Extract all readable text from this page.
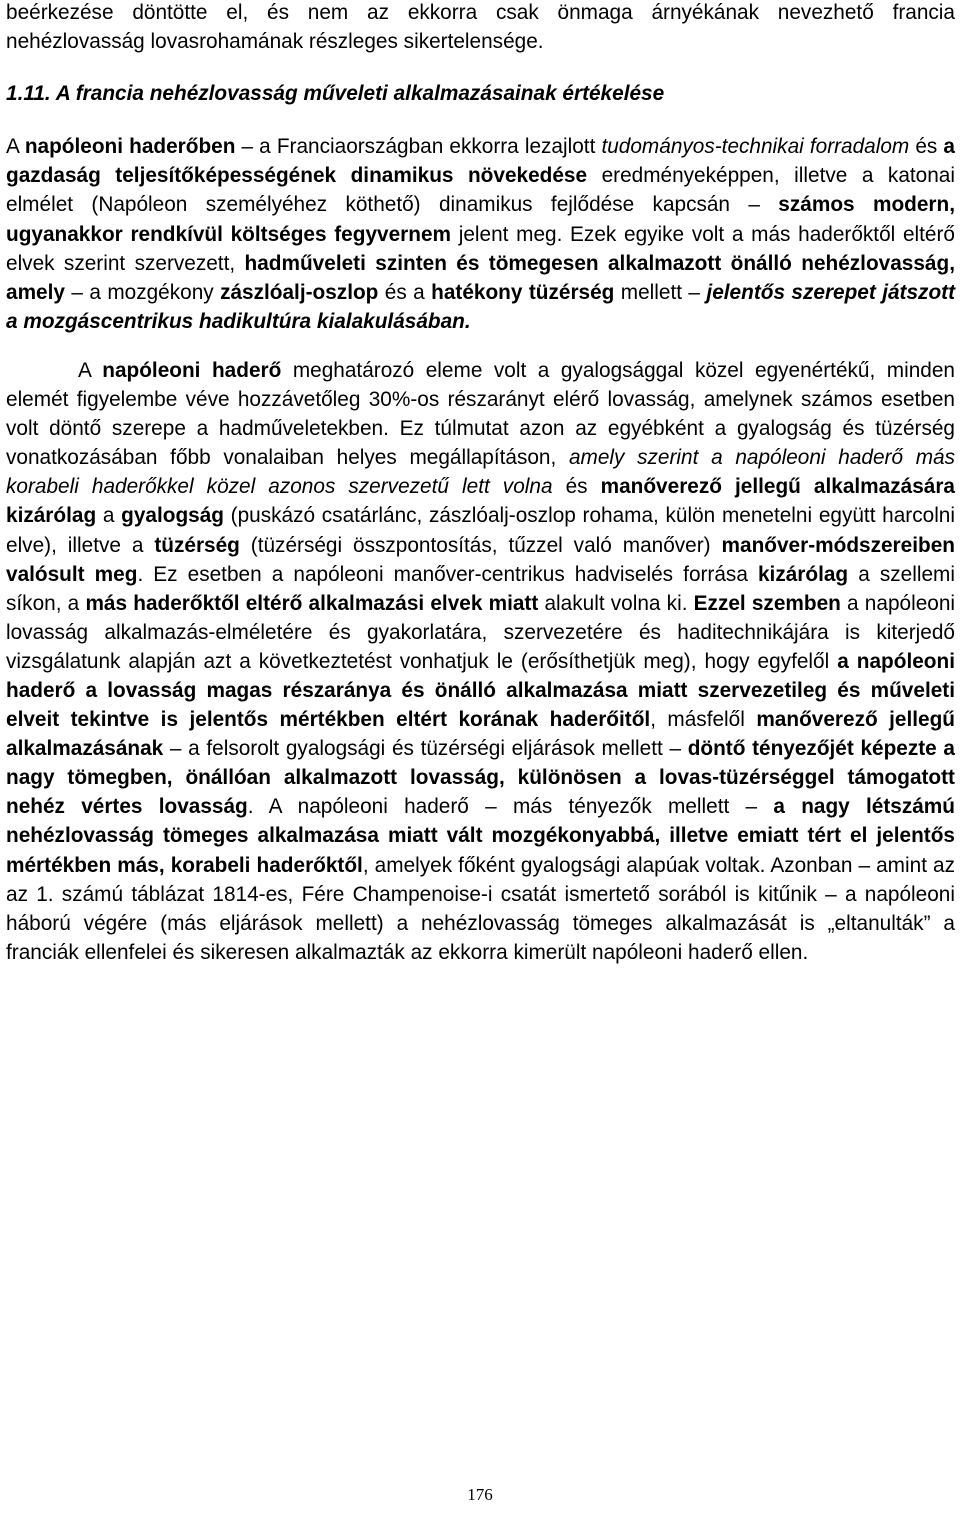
beérkezése döntötte el, és nem az ekkorra csak önmaga árnyékának nevezhető francia nehézlovasság lovasrohamának részleges sikertelensége.

1.11. A francia nehézlovasság műveleti alkalmazásainak értékelése

A napóleoni haderőben – a Franciaországban ekkorra lezajlott tudományos-technikai forradalom és a gazdaság teljesítőképességének dinamikus növekedése eredményeképpen, illetve a katonai elmélet (Napóleon személyéhez köthető) dinamikus fejlődése kapcsán – számos modern, ugyanakkor rendkívül költséges fegyvernem jelent meg. Ezek egyike volt a más haderőktől eltérő elvek szerint szervezett, hadműveleti szinten és tömegesen alkalmazott önálló nehézlovasság, amely – a mozgékony zászlóalj-oszlop és a hatékony tüzérség mellett – jelentős szerepet játszott a mozgáscentrikus hadikultúra kialakulásában.

A napóleoni haderő meghatározó eleme volt a gyalogsággal közel egyenértékű, minden elemét figyelembe véve hozzávetőleg 30%-os részarányt elérő lovasság, amelynek számos esetben volt döntő szerepe a hadműveletekben. Ez túlmutat azon az egyébként a gyalogság és tüzérség vonatkozásában főbb vonalaiban helyes megállapításon, amely szerint a napóleoni haderő más korabeli haderőkkel közel azonos szervezetű lett volna és manőverező jellegű alkalmazására kizárólag a gyalogság (puskázó csatárlánc, zászlóalj-oszlop rohama, külön menetelni együtt harcolni elve), illetve a tüzérség (tüzérségi összpontosítás, tűzzel való manőver) manőver-módszereiben valósult meg. Ez esetben a napóleoni manőver-centrikus hadviselés forrása kizárólag a szellemi síkon, a más haderőktől eltérő alkalmazási elvek miatt alakult volna ki. Ezzel szemben a napóleoni lovasság alkalmazás-elméletére és gyakorlatára, szervezetére és haditechnikájára is kiterjedő vizsgálatunk alapján azt a következtetést vonhatjuk le (erősíthetjük meg), hogy egyfelől a napóleoni haderő a lovasság magas részaránya és önálló alkalmazása miatt szervezetileg és műveleti elveit tekintve is jelentős mértékben eltért korának haderőitől, másfelől manőverező jellegű alkalmazásának – a felsorolt gyalogsági és tüzérségi eljárások mellett – döntő tényezőjét képezte a nagy tömegben, önállóan alkalmazott lovasság, különösen a lovas-tüzérséggel támogatott nehéz vértes lovasság. A napóleoni haderő – más tényezők mellett – a nagy létszámú nehézlovasság tömeges alkalmazása miatt vált mozgékonyabbá, illetve emiatt tért el jelentős mértékben más, korabeli haderőktől, amelyek főként gyalogsági alapúak voltak. Azonban – amint az az 1. számú táblázat 1814-es, Fére Champenoise-i csatát ismertető sorából is kitűnik – a napóleoni háború végére (más eljárások mellett) a nehézlovasság tömeges alkalmazását is „eltanulták” a franciák ellenfelei és sikeresen alkalmazták az ekkorra kimerült napóleoni haderő ellen.

176
